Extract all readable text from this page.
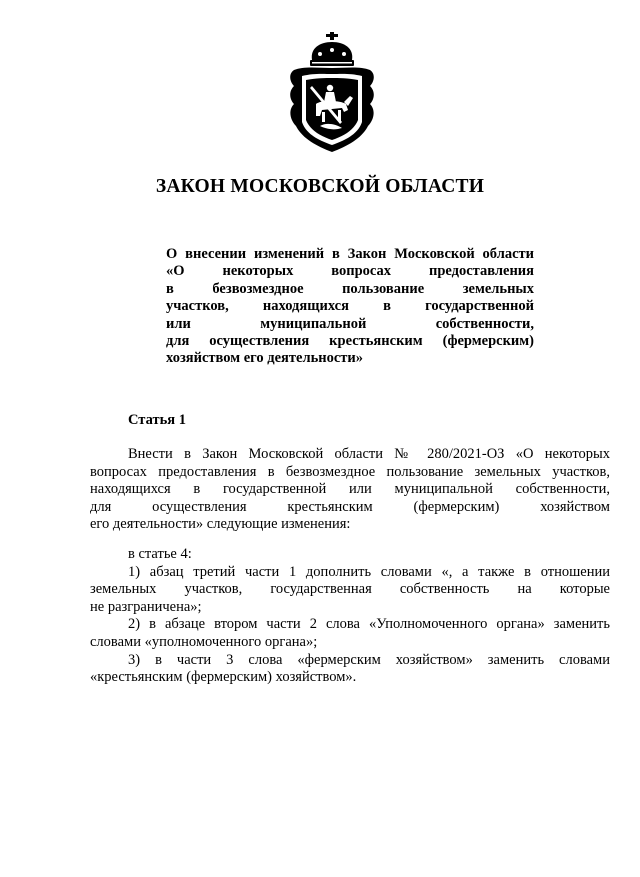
ЗАКОН МОСКОВСКОЙ ОБЛАСТИ
О внесении изменений в Закон Московской области
«О некоторых вопросах предоставления
в безвозмездное пользование земельных
участков, находящихся в государственной
или муниципальной собственности,
для осуществления крестьянским (фермерским)
хозяйством его деятельности»
Статья 1
Внести в Закон Московской области № 280/2021-ОЗ «О некоторых
вопросах предоставления в безвозмездное пользование земельных участков,
находящихся в государственной или муниципальной собственности,
для осуществления крестьянским (фермерским) хозяйством
его деятельности» следующие изменения:
в статье 4:
1) абзац третий части 1 дополнить словами «, а также в отношении
земельных участков, государственная собственность на которые
не разграничена»;
2) в абзаце втором части 2 слова «Уполномоченного органа» заменить
словами «уполномоченного органа»;
3) в части 3 слова «фермерским хозяйством» заменить словами
«крестьянским (фермерским) хозяйством».
